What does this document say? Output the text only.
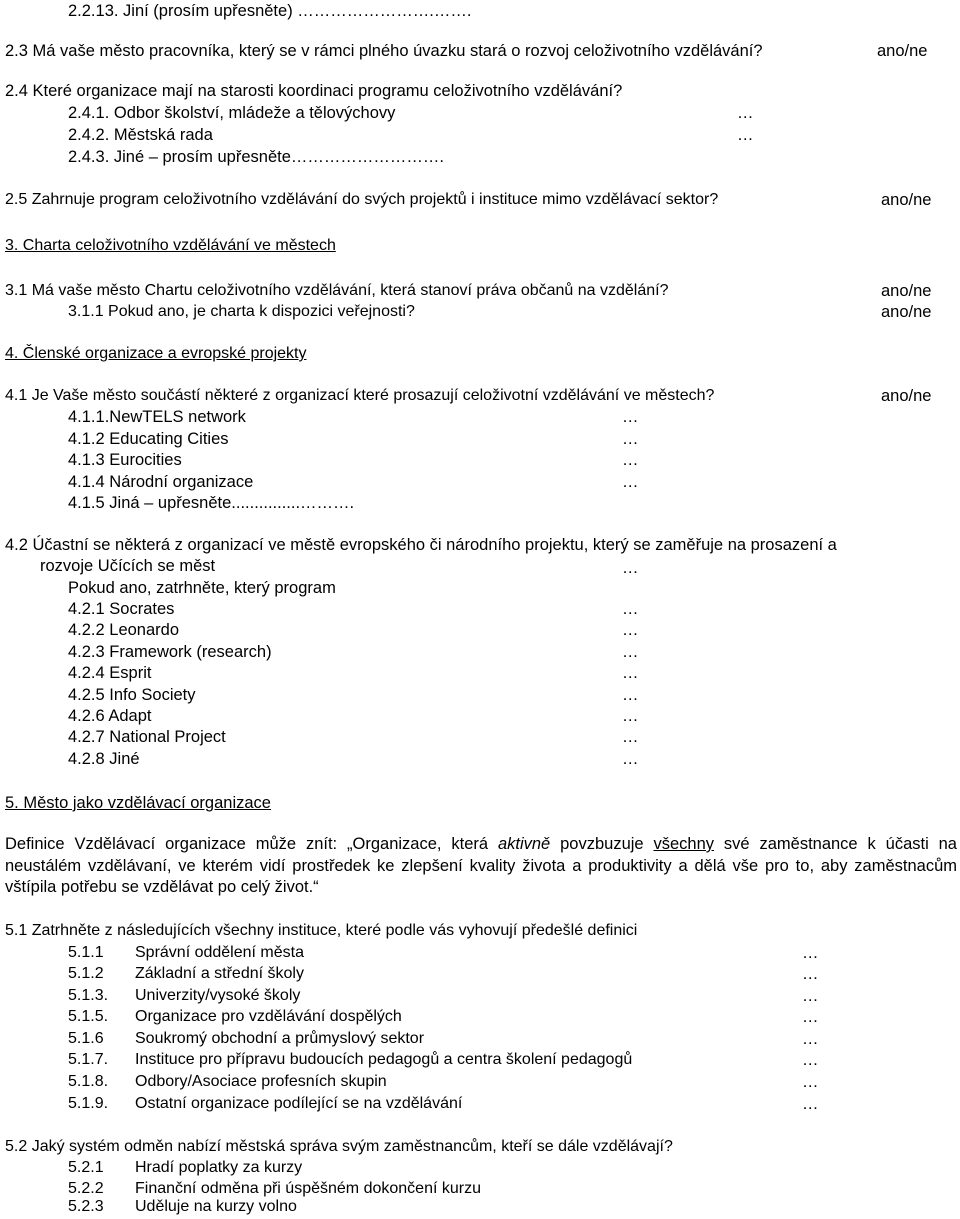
2.2.13. Jiní (prosím upřesněte) …………………….…….
2.3 Má vaše město pracovníka, který se v rámci plného úvazku stará o rozvoj celoživotního vzdělávání?	ano/ne
2.4 Které organizace mají na starosti koordinaci programu celoživotního vzdělávání?
2.4.1. Odbor školství, mládeže a tělovýchovy	…
2.4.2. Městská rada	…
2.4.3. Jiné – prosím upřesněte……………………….
2.5 Zahrnuje program celoživotního vzdělávání do svých projektů i instituce mimo vzdělávací sektor?	ano/ne
3. Charta celoživotního vzdělávání ve městech
3.1 Má vaše město Chartu celoživotního vzdělávání, která stanoví práva občanů na vzdělání?	ano/ne
3.1.1 Pokud ano, je charta k dispozici veřejnosti?	ano/ne
4. Členské organizace a evropské projekty
4.1 Je Vaše město součástí některé z organizací které prosazují celoživotní vzdělávání ve městech?	ano/ne
4.1.1.NewTELS network	…
4.1.2 Educating Cities	…
4.1.3 Eurocities	…
4.1.4 Národní organizace	…
4.1.5 Jiná – upřesněte...............……….
4.2 Účastní se některá z organizací ve městě evropského či národního projektu, který se zaměřuje na prosazení a
rozvoje Učících se měst	…
Pokud ano, zatrhněte, který program
4.2.1 Socrates	…
4.2.2 Leonardo	…
4.2.3 Framework (research)	…
4.2.4 Esprit	…
4.2.5 Info Society	…
4.2.6 Adapt	…
4.2.7 National Project	…
4.2.8 Jiné	…
5. Město jako vzdělávací organizace
Definice Vzdělávací organizace může znít: „Organizace, která aktivně povzbuzuje všechny své zaměstnance k účasti na neustálém vzdělávaní, ve kterém vidí prostředek ke zlepšení kvality života a produktivity a dělá vše pro to, aby zaměstnacům vštípila potřebu se vzdělávat po celý život.“
5.1 Zatrhněte z následujících všechny instituce, které podle vás vyhovují předešlé definici
5.1.1 Správní oddělení města	…
5.1.2 Základní a střední školy	…
5.1.3. Univerzity/vysoké školy	…
5.1.5. Organizace pro vzdělávání dospělých	…
5.1.6 Soukromý obchodní a průmyslový sektor	…
5.1.7. Instituce pro přípravu budoucích pedagogů a centra školení pedagogů	…
5.1.8. Odbory/Asociace profesních skupin	…
5.1.9. Ostatní organizace podílející se na vzdělávání	…
5.2 Jaký systém odměn nabízí městská správa svým zaměstnancům, kteří se dále vzdělávají?
5.2.1 Hradí poplatky za kurzy
5.2.2 Finanční odměna při úspěšném dokončení kurzu
5.2.3 Uděluje na kurzy volno
